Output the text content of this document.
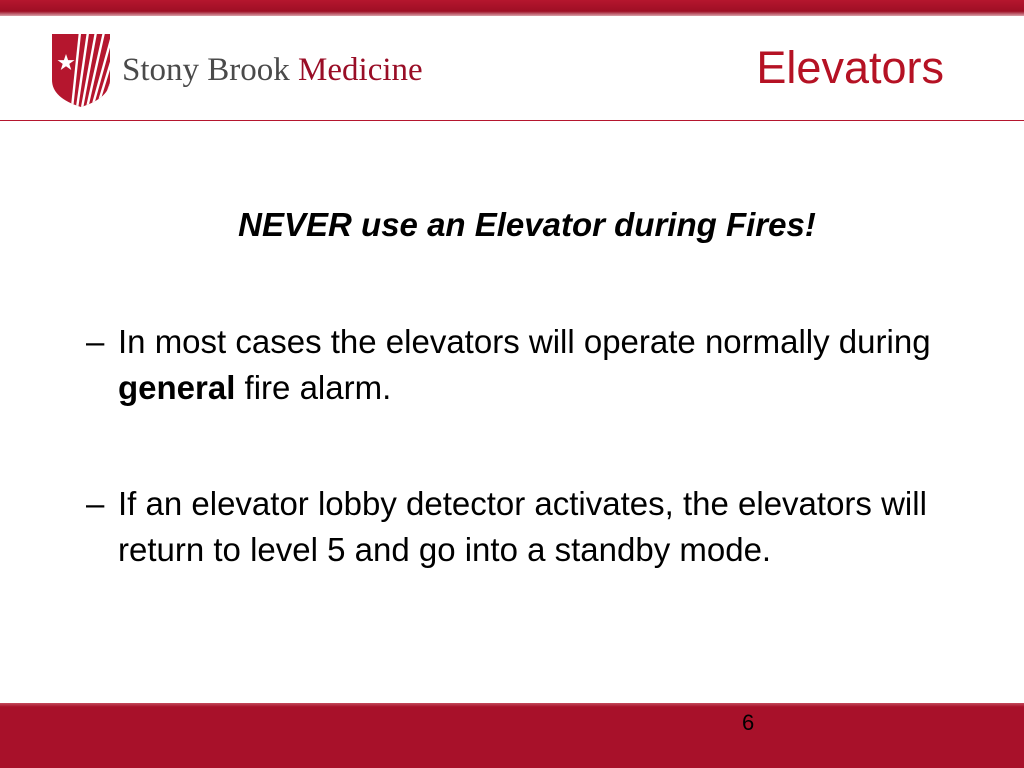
Stony Brook Medicine	Elevators
NEVER use an Elevator during Fires!
– In most cases the elevators will operate normally during general fire alarm.
– If an elevator lobby detector activates, the elevators will return to level 5 and go into a standby mode.
6
